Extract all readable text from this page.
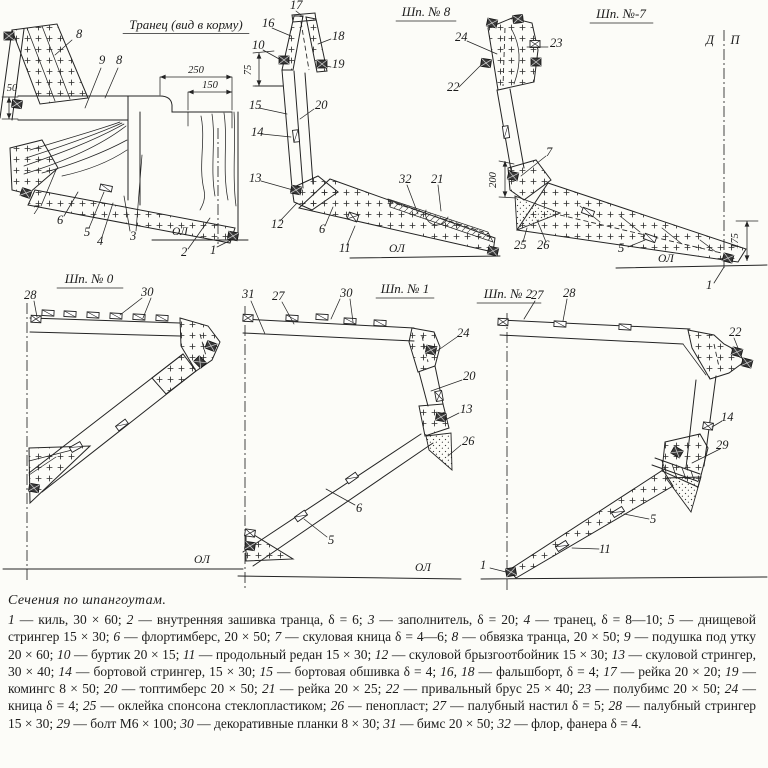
Транец (вид в корму)
250
150
50
ОЛ
8
9 8
7
6
5
4 3
2 1
Шп. № 8
75
ОЛ
17
16
18
10
19
15	20
14
13
12	6
11
32 21
Шп. №-7
Д П
200
175
ОЛ
24	23
22
7
25 26	5
1
Шп. № 0
ОЛ
28	30	Шп. № 1
ОЛ
31 27	30
24
20
13
26
6
5
Шп. № 2
27 28
22
14
29
5
11
1
Сечения по шпангоутам.
1 — киль, 30 × 60; 2 — внутренняя зашивка транца, δ = 6; 3 — заполнитель, δ = 20; 4 — транец, δ = 8—10; 5 — днищевой стрингер 15 × 30; 6 — флортимберс, 20 × 50; 7 — скуловая кница δ = 4—6; 8 — обвязка транца, 20 × 50; 9 — подушка под утку 20 × 60; 10 — буртик 20 × 15; 11 — продольный редан 15 × 30; 12 — скуловой брызгоотбойник 15 × 30; 13 — скуловой стрингер, 30 × 40; 14 — бортовой стрингер, 15 × 30; 15 — бортовая обшивка δ = 4; 16, 18 — фальшборт, δ = 4; 17 — рейка 20 × 20; 19 — комингс 8 × 50; 20 — топтимберс 20 × 50; 21 — рейка 20 × 25; 22 — привальный брус 25 × 40; 23 — полубимс 20 × 50; 24 — кница δ = 4; 25 — оклейка спонсона стеклопластиком; 26 — пенопласт; 27 — палубный настил δ = 5; 28 — палубный стрингер 15 × 30; 29 — болт М6 × 100; 30 — декоративные планки 8 × 30; 31 — бимс 20 × 50; 32 — флор, фанера δ = 4.
